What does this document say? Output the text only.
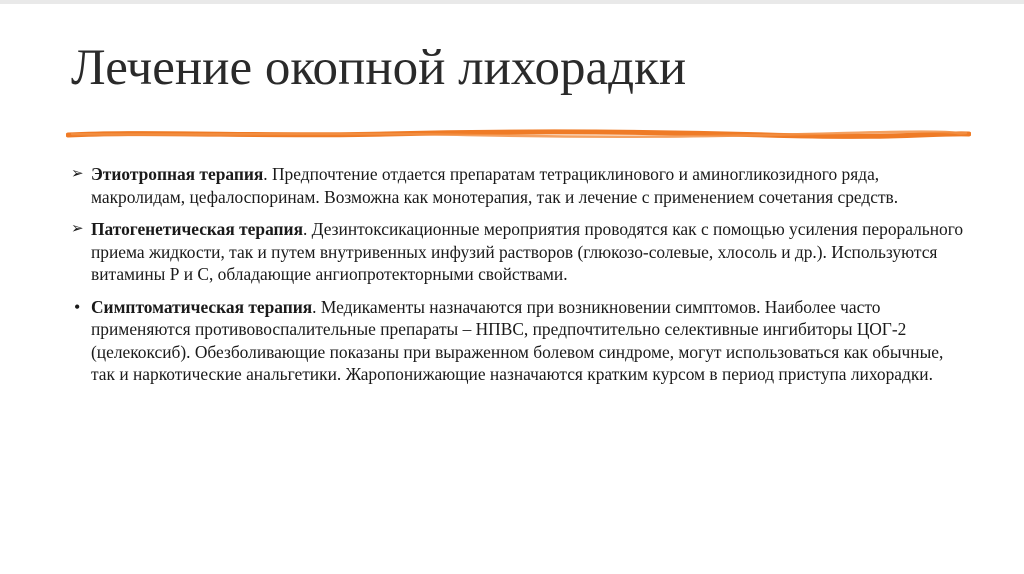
Лечение окопной лихорадки
➢ Этиотропная терапия. Предпочтение отдается препаратам тетрациклинового и аминогликозидного ряда, макролидам, цефалоспоринам. Возможна как монотерапия, так и лечение с применением сочетания средств.
➢ Патогенетическая терапия. Дезинтоксикационные мероприятия проводятся как с помощью усиления перорального приема жидкости, так и путем внутривенных инфузий растворов (глюкозо-солевые, хлосоль и др.). Используются витамины Р и С, обладающие ангиопротекторными свойствами.
• Симптоматическая терапия. Медикаменты назначаются при возникновении симптомов. Наиболее часто применяются противовоспалительные препараты – НПВС, предпочтительно селективные ингибиторы ЦОГ-2 (целекоксиб). Обезболивающие показаны при выраженном болевом синдроме, могут использоваться как обычные, так и наркотические анальгетики. Жаропонижающие назначаются кратким курсом в период приступа лихорадки.
